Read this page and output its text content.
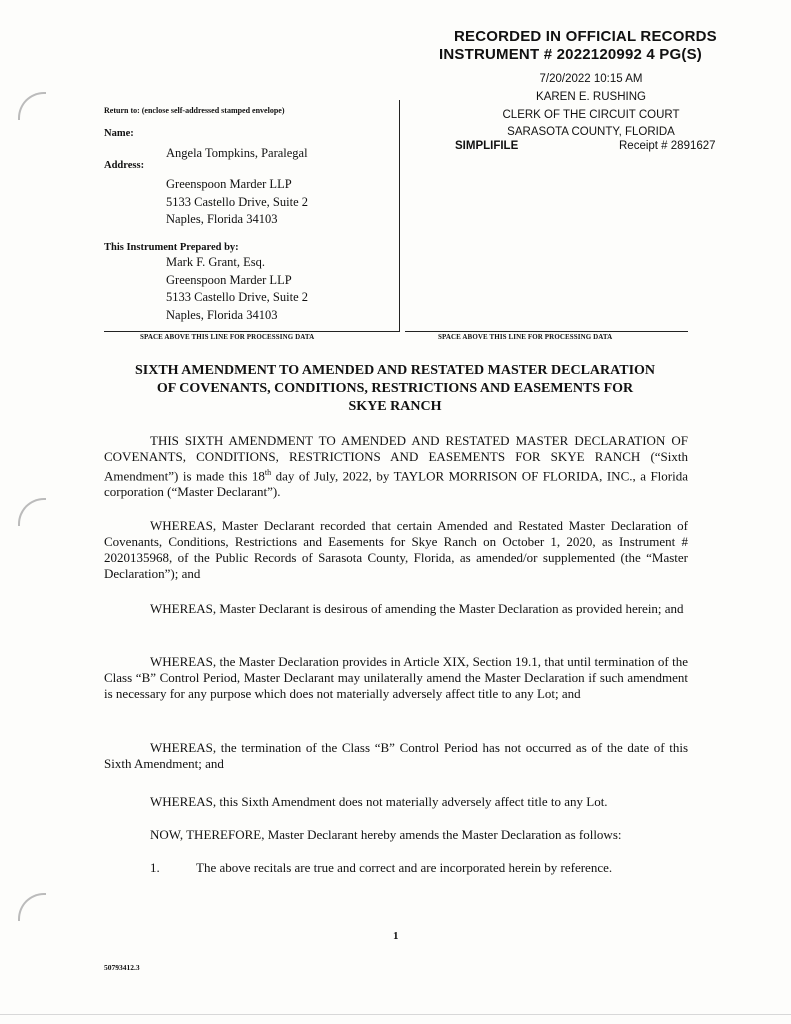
RECORDED IN OFFICIAL RECORDS
INSTRUMENT # 2022120992 4 PG(S)
7/20/2022 10:15 AM
KAREN E. RUSHING
CLERK OF THE CIRCUIT COURT
SARASOTA COUNTY, FLORIDA
SIMPLIFILE	Receipt # 2891627
Return to: (enclose self-addressed stamped envelope)
Name:
Angela Tompkins, Paralegal
Address:
Greenspoon Marder LLP
5133 Castello Drive, Suite 2
Naples, Florida 34103
This Instrument Prepared by:
Mark F. Grant, Esq.
Greenspoon Marder LLP
5133 Castello Drive, Suite 2
Naples, Florida 34103
SPACE ABOVE THIS LINE FOR PROCESSING DATA	SPACE ABOVE THIS LINE FOR PROCESSING DATA
SIXTH AMENDMENT TO AMENDED AND RESTATED MASTER DECLARATION
OF COVENANTS, CONDITIONS, RESTRICTIONS AND EASEMENTS FOR
SKYE RANCH
THIS SIXTH AMENDMENT TO AMENDED AND RESTATED MASTER DECLARATION OF COVENANTS, CONDITIONS, RESTRICTIONS AND EASEMENTS FOR SKYE RANCH (“Sixth Amendment”) is made this 18th day of July, 2022, by TAYLOR MORRISON OF FLORIDA, INC., a Florida corporation (“Master Declarant”).
WHEREAS, Master Declarant recorded that certain Amended and Restated Master Declaration of Covenants, Conditions, Restrictions and Easements for Skye Ranch on October 1, 2020, as Instrument # 2020135968, of the Public Records of Sarasota County, Florida, as amended/or supplemented (the “Master Declaration”); and
WHEREAS, Master Declarant is desirous of amending the Master Declaration as provided herein; and
WHEREAS, the Master Declaration provides in Article XIX, Section 19.1, that until termination of the Class “B” Control Period, Master Declarant may unilaterally amend the Master Declaration if such amendment is necessary for any purpose which does not materially adversely affect title to any Lot; and
WHEREAS, the termination of the Class “B” Control Period has not occurred as of the date of this Sixth Amendment; and
WHEREAS, this Sixth Amendment does not materially adversely affect title to any Lot.
NOW, THEREFORE, Master Declarant hereby amends the Master Declaration as follows:
1.	The above recitals are true and correct and are incorporated herein by reference.
1
50793412.3
